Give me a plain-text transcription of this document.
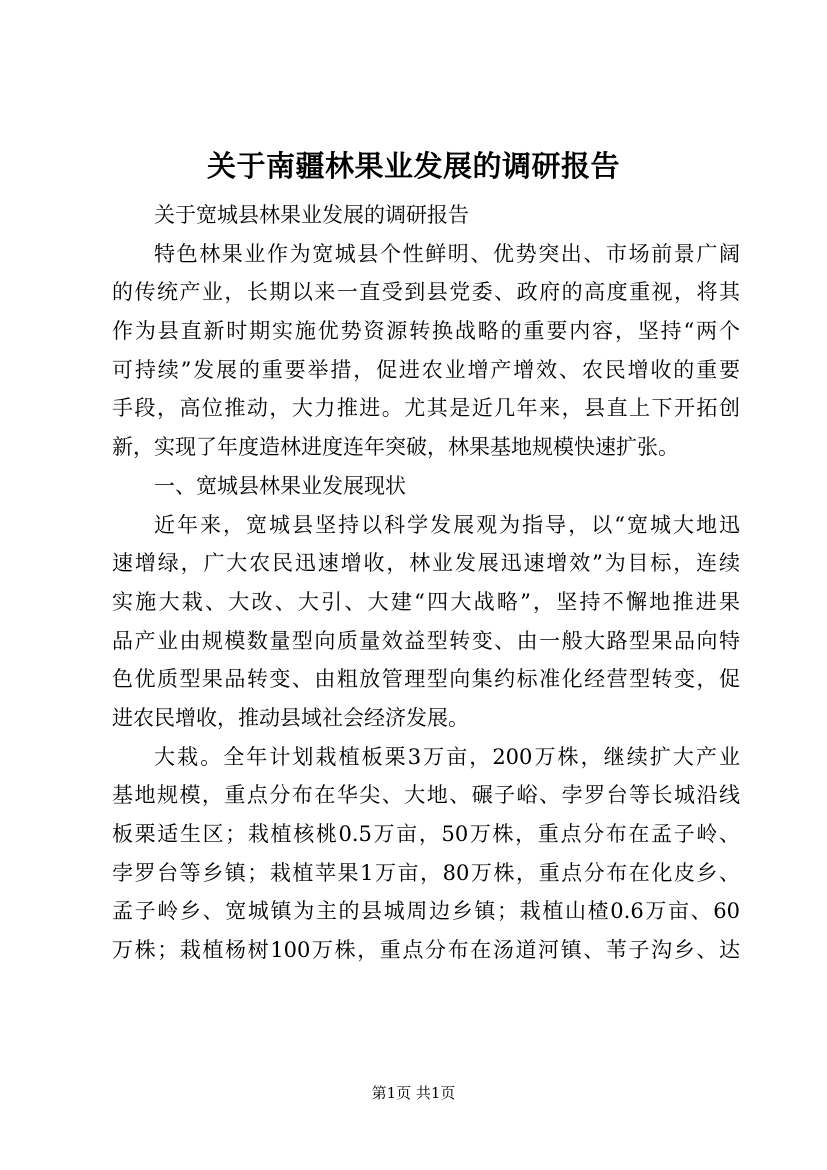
关于南疆林果业发展的调研报告
关于宽城县林果业发展的调研报告
特色林果业作为宽城县个性鲜明、优势突出、市场前景广阔
的传统产业，长期以来一直受到县党委、政府的高度重视，将其
作为县直新时期实施优势资源转换战略的重要内容，坚持“两个
可持续”发展的重要举措，促进农业增产增效、农民增收的重要
手段，高位推动，大力推进。尤其是近几年来，县直上下开拓创
新，实现了年度造林进度连年突破，林果基地规模快速扩张。
一、宽城县林果业发展现状
近年来，宽城县坚持以科学发展观为指导，以“宽城大地迅
速增绿，广大农民迅速增收，林业发展迅速增效”为目标，连续
实施大栽、大改、大引、大建“四大战略”，坚持不懈地推进果
品产业由规模数量型向质量效益型转变、由一般大路型果品向特
色优质型果品转变、由粗放管理型向集约标准化经营型转变，促
进农民增收，推动县域社会经济发展。
大栽。全年计划栽植板栗3万亩，200万株，继续扩大产业
基地规模，重点分布在华尖、大地、碾子峪、孛罗台等长城沿线
板栗适生区；栽植核桃0.5万亩，50万株，重点分布在孟子岭、
孛罗台等乡镇；栽植苹果1万亩，80万株，重点分布在化皮乡、
孟子岭乡、宽城镇为主的县城周边乡镇；栽植山楂0.6万亩、60
万株；栽植杨树100万株，重点分布在汤道河镇、苇子沟乡、达
第1页 共1页
